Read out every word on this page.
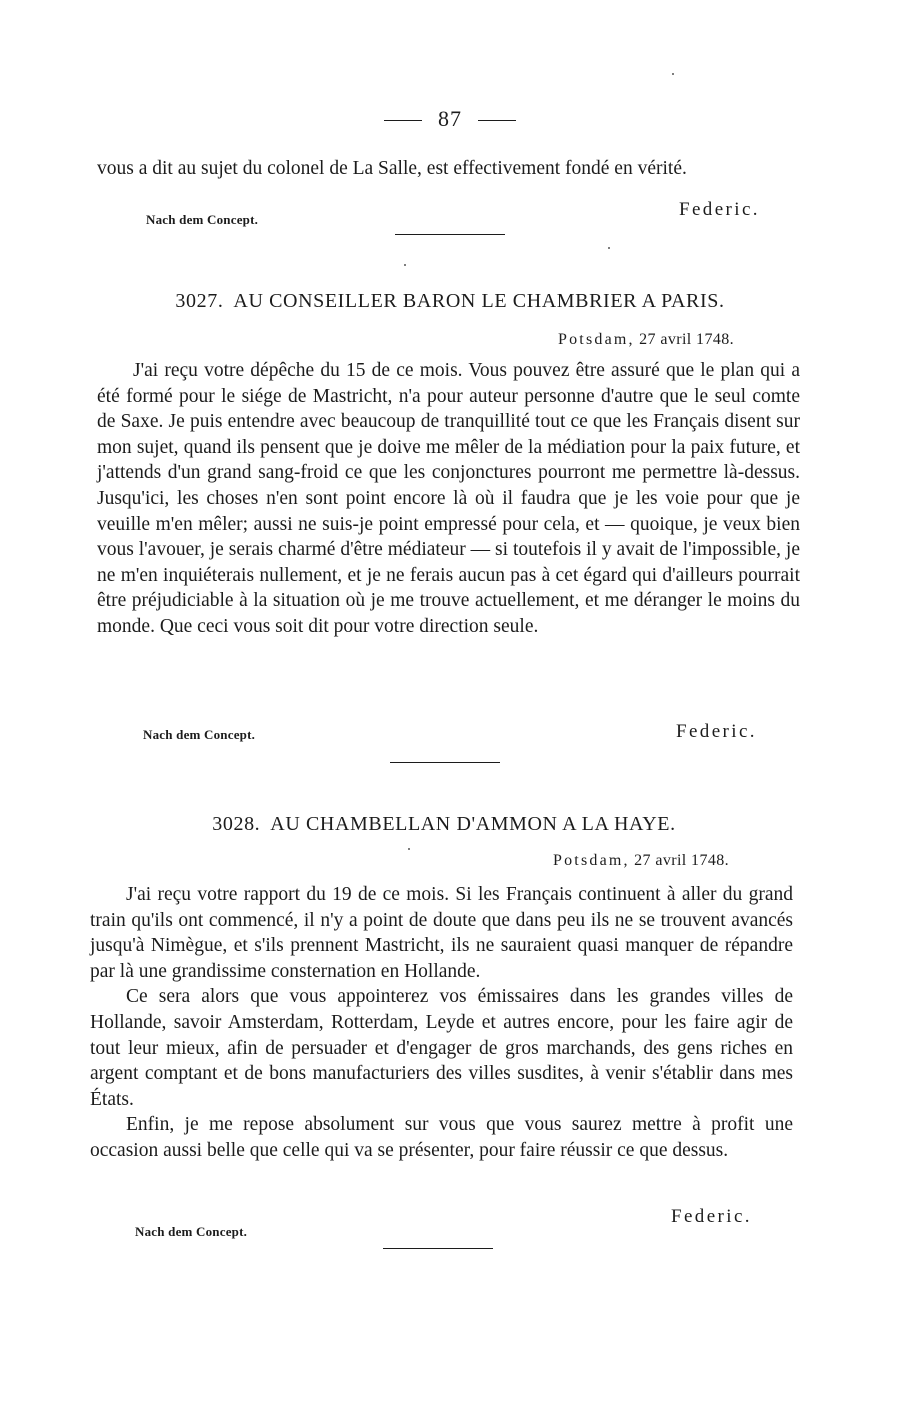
87

vous a dit au sujet du colonel de La Salle, est effectivement fondé en vérité.

Nach dem Concept.	Federic.
3027. AU CONSEILLER BARON LE CHAMBRIER A PARIS.
Potsdam, 27 avril 1748.

J'ai reçu votre dépêche du 15 de ce mois. Vous pouvez être assuré que le plan qui a été formé pour le siége de Mastricht, n'a pour auteur personne d'autre que le seul comte de Saxe. Je puis entendre avec beaucoup de tranquillité tout ce que les Français disent sur mon sujet, quand ils pensent que je doive me mêler de la médiation pour la paix future, et j'attends d'un grand sang-froid ce que les conjonctures pourront me permettre là-dessus. Jusqu'ici, les choses n'en sont point encore là où il faudra que je les voie pour que je veuille m'en mêler; aussi ne suis-je point empressé pour cela, et — quoique, je veux bien vous l'avouer, je serais charmé d'être médiateur — si toutefois il y avait de l'impossible, je ne m'en inquiéterais nullement, et je ne ferais aucun pas à cet égard qui d'ailleurs pourrait être préjudiciable à la situation où je me trouve actuellement, et me déranger le moins du monde. Que ceci vous soit dit pour votre direction seule.

Nach dem Concept.	Federic.
3028. AU CHAMBELLAN D'AMMON A LA HAYE.
Potsdam, 27 avril 1748.

J'ai reçu votre rapport du 19 de ce mois. Si les Français continuent à aller du grand train qu'ils ont commencé, il n'y a point de doute que dans peu ils ne se trouvent avancés jusqu'à Nimègue, et s'ils prennent Mastricht, ils ne sauraient quasi manquer de répandre par là une grandissime consternation en Hollande.

Ce sera alors que vous appointerez vos émissaires dans les grandes villes de Hollande, savoir Amsterdam, Rotterdam, Leyde et autres encore, pour les faire agir de tout leur mieux, afin de persuader et d'engager de gros marchands, des gens riches en argent comptant et de bons manufacturiers des villes susdites, à venir s'établir dans mes États.

Enfin, je me repose absolument sur vous que vous saurez mettre à profit une occasion aussi belle que celle qui va se présenter, pour faire réussir ce que dessus.

Nach dem Concept.
Federic.
